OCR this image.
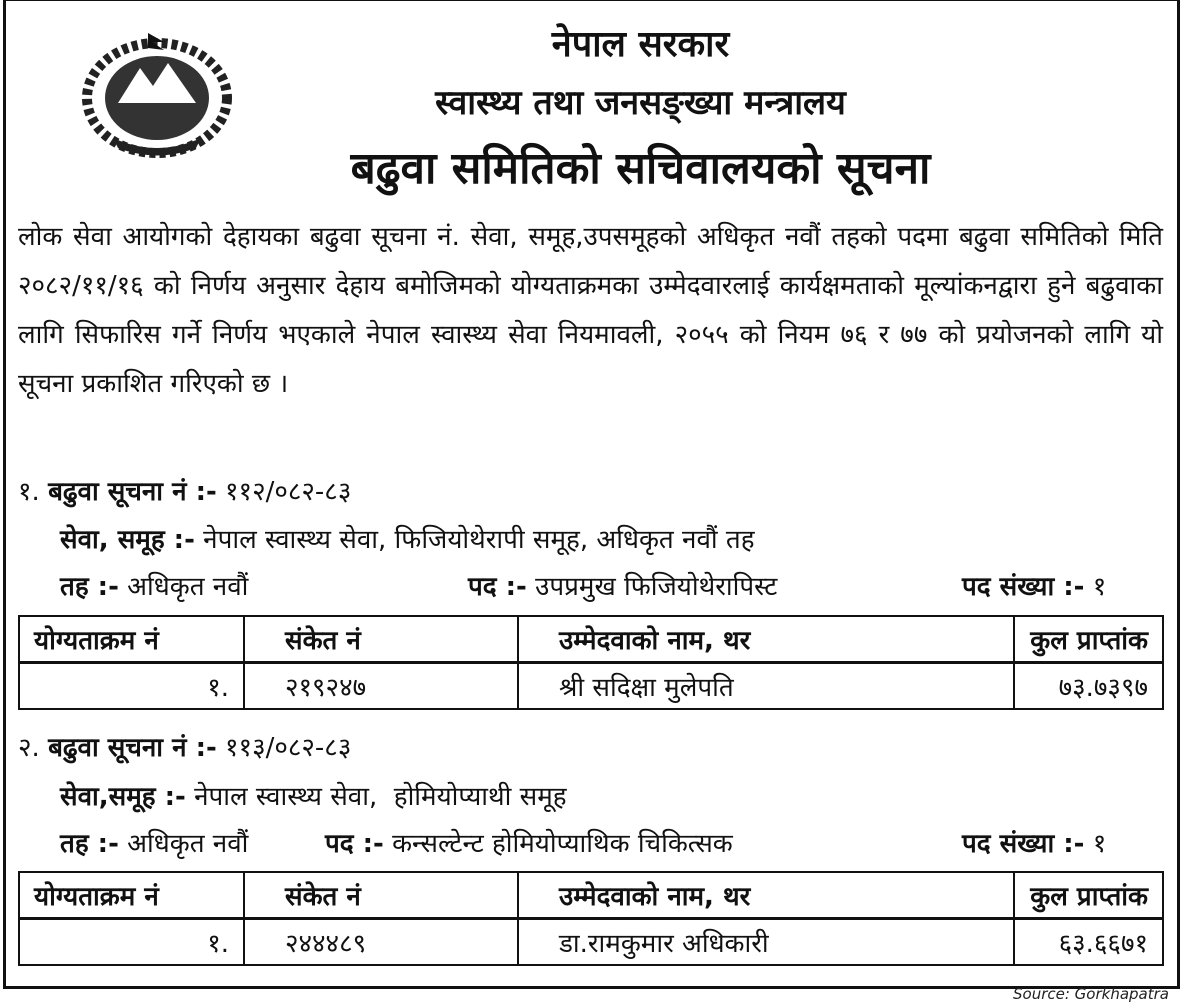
नेपाल सरकार
स्वास्थ्य तथा जनसङ्ख्या मन्त्रालय
बढुवा समितिको सचिवालयको सूचना
लोक सेवा आयोगको देहायका बढुवा सूचना नं. सेवा, समूह,उपसमूहको अधिकृत नवौं तहको पदमा बढुवा समितिको मिति २०८२/११/१६ को निर्णय अनुसार देहाय बमोजिमको योग्यताक्रमका उम्मेदवारलाई कार्यक्षमताको मूल्यांकनद्वारा हुने बढुवाका लागि सिफारिस गर्ने निर्णय भएकाले नेपाल स्वास्थ्य सेवा नियमावली, २०५५ को नियम ७६ र ७७ को प्रयोजनको लागि यो सूचना प्रकाशित गरिएको छ ।
१. बढुवा सूचना नं :- ११२/०८२-८३
सेवा, समूह :- नेपाल स्वास्थ्य सेवा, फिजियोथेरापी समूह, अधिकृत नवौं तह
तह :- अधिकृत नवौं	पद :- उपप्रमुख फिजियोथेरापिस्ट	पद संख्या :- १
योग्यताक्रम नं	संकेत नं	उम्मेदवाको नाम, थर	कुल प्राप्तांक
१.	२१९२४७	श्री सदिक्षा मुलेपति	७३.७३९७
२. बढुवा सूचना नं :- ११३/०८२-८३
सेवा,समूह :- नेपाल स्वास्थ्य सेवा,  होमियोप्याथी समूह
तह :- अधिकृत नवौं	पद :- कन्सल्टेन्ट होमियोप्याथिक चिकित्सक	पद संख्या :- १
योग्यताक्रम नं	संकेत नं	उम्मेदवाको नाम, थर	कुल प्राप्तांक
१.	२४४४८९	डा.रामकुमार अधिकारी	६३.६६७१
Source: Gorkhapatra
